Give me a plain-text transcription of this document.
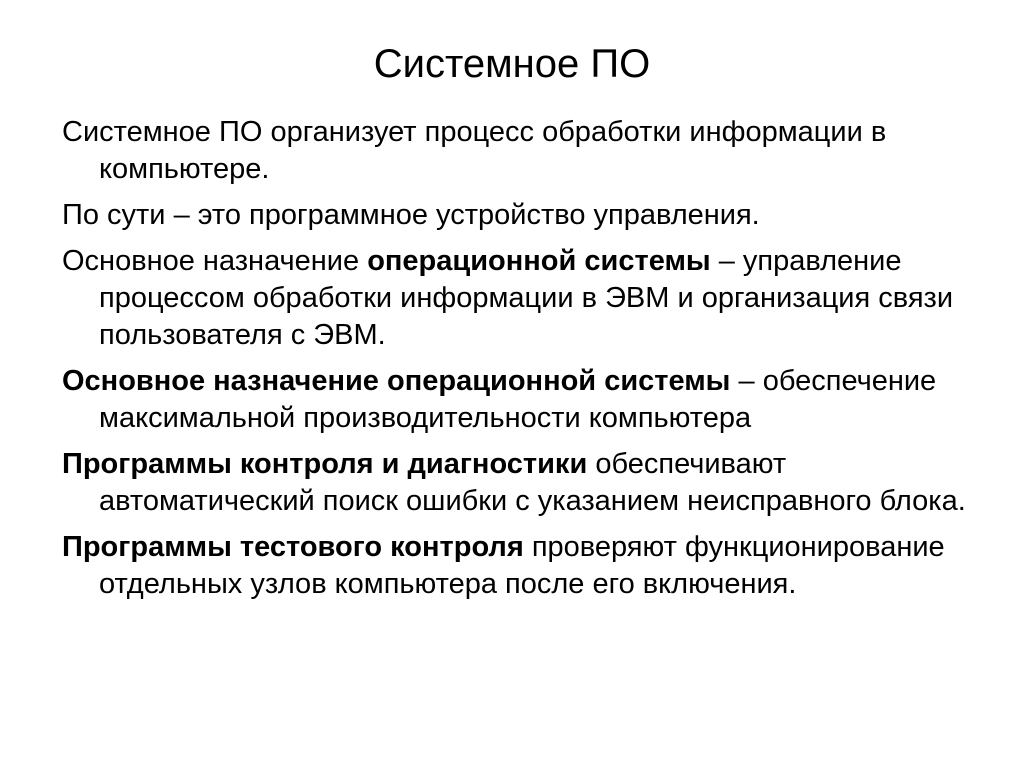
Системное ПО

Системное ПО организует процесс обработки информации в компьютере.

По сути – это программное устройство управления.

Основное назначение операционной системы – управление процессом обработки информации в ЭВМ и организация связи пользователя с ЭВМ.

Основное назначение операционной системы – обеспечение максимальной производительности компьютера

Программы контроля и диагностики обеспечивают автоматический поиск ошибки с указанием неисправного блока.

Программы тестового контроля проверяют функционирование отдельных узлов компьютера после его включения.
